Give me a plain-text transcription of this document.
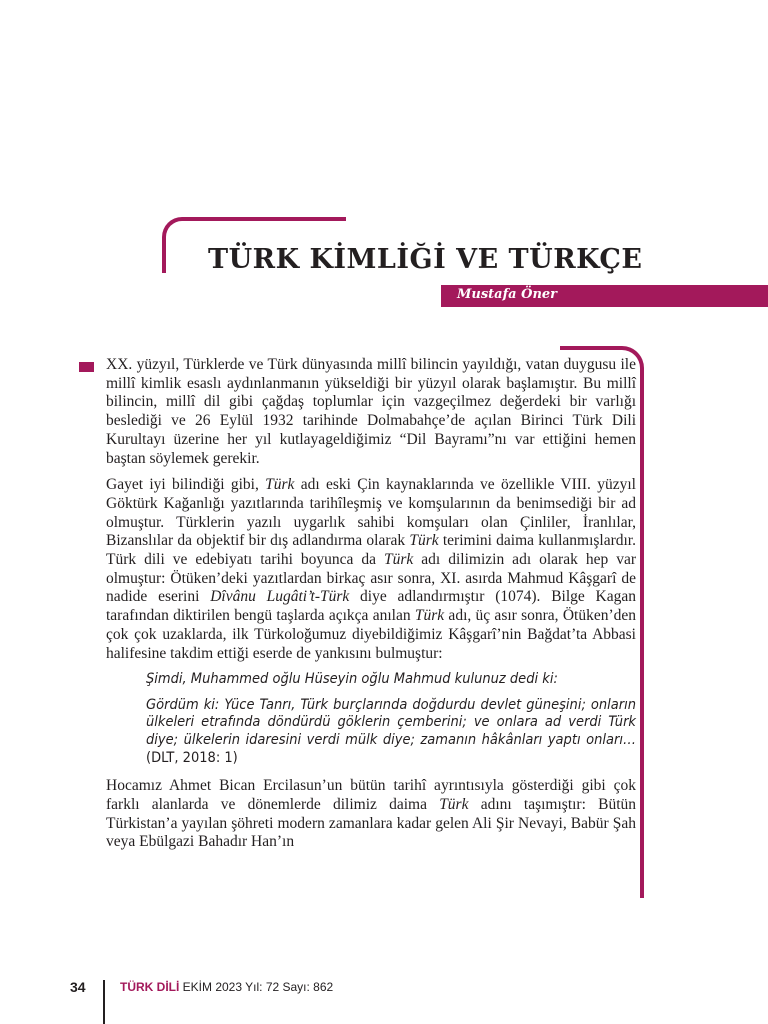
TÜRK KİMLİĞİ VE TÜRKÇE
Mustafa Öner

XX. yüzyıl, Türklerde ve Türk dünyasında millî bilincin yayıldığı, vatan duygusu ile millî kimlik esaslı aydınlanmanın yükseldiği bir yüzyıl olarak başlamıştır. Bu millî bilincin, millî dil gibi çağdaş toplumlar için vazgeçilmez değerdeki bir varlığı beslediği ve 26 Eylül 1932 tarihinde Dolmabahçe’de açılan Birinci Türk Dili Kurultayı üzerine her yıl kutlayageldiğimiz “Dil Bayramı”nı var ettiğini hemen baştan söylemek gerekir.

Gayet iyi bilindiği gibi, Türk adı eski Çin kaynaklarında ve özellikle VIII. yüzyıl Göktürk Kağanlığı yazıtlarında tarihîleşmiş ve komşularının da benimsediği bir ad olmuştur. Türklerin yazılı uygarlık sahibi komşuları olan Çinliler, İranlılar, Bizanslılar da objektif bir dış adlandırma olarak Türk terimini daima kullanmışlardır. Türk dili ve edebiyatı tarihi boyunca da Türk adı dilimizin adı olarak hep var olmuştur: Ötüken’deki yazıtlardan birkaç asır sonra, XI. asırda Mahmud Kâşgarî de nadide eserini Dîvânu Lugâti’t-Türk diye adlandırmıştır (1074). Bilge Kagan tarafından diktirilen bengü taşlarda açıkça anılan Türk adı, üç asır sonra, Ötüken’den çok çok uzaklarda, ilk Türkoloğumuz diyebildiğimiz Kâşgarî’nin Bağdat’ta Abbasi halifesine takdim ettiği eserde de yankısını bulmuştur:

Şimdi, Muhammed oğlu Hüseyin oğlu Mahmud kulunuz dedi ki:
Gördüm ki: Yüce Tanrı, Türk burçlarında doğdurdu devlet güneşini; onların ülkeleri etrafında döndürdü göklerin çemberini; ve onlara ad verdi Türk diye; ülkelerin idaresini verdi mülk diye; zamanın hâkânları yaptı onları… (DLT, 2018: 1)

Hocamız Ahmet Bican Ercilasun’un bütün tarihî ayrıntısıyla gösterdiği gibi çok farklı alanlarda ve dönemlerde dilimiz daima Türk adını taşımıştır: Bütün Türkistan’a yayılan şöhreti modern zamanlara kadar gelen Ali Şir Nevayi, Babür Şah veya Ebülgazi Bahadır Han’ın

34	TÜRK DİLİ EKİM 2023 Yıl: 72 Sayı: 862
